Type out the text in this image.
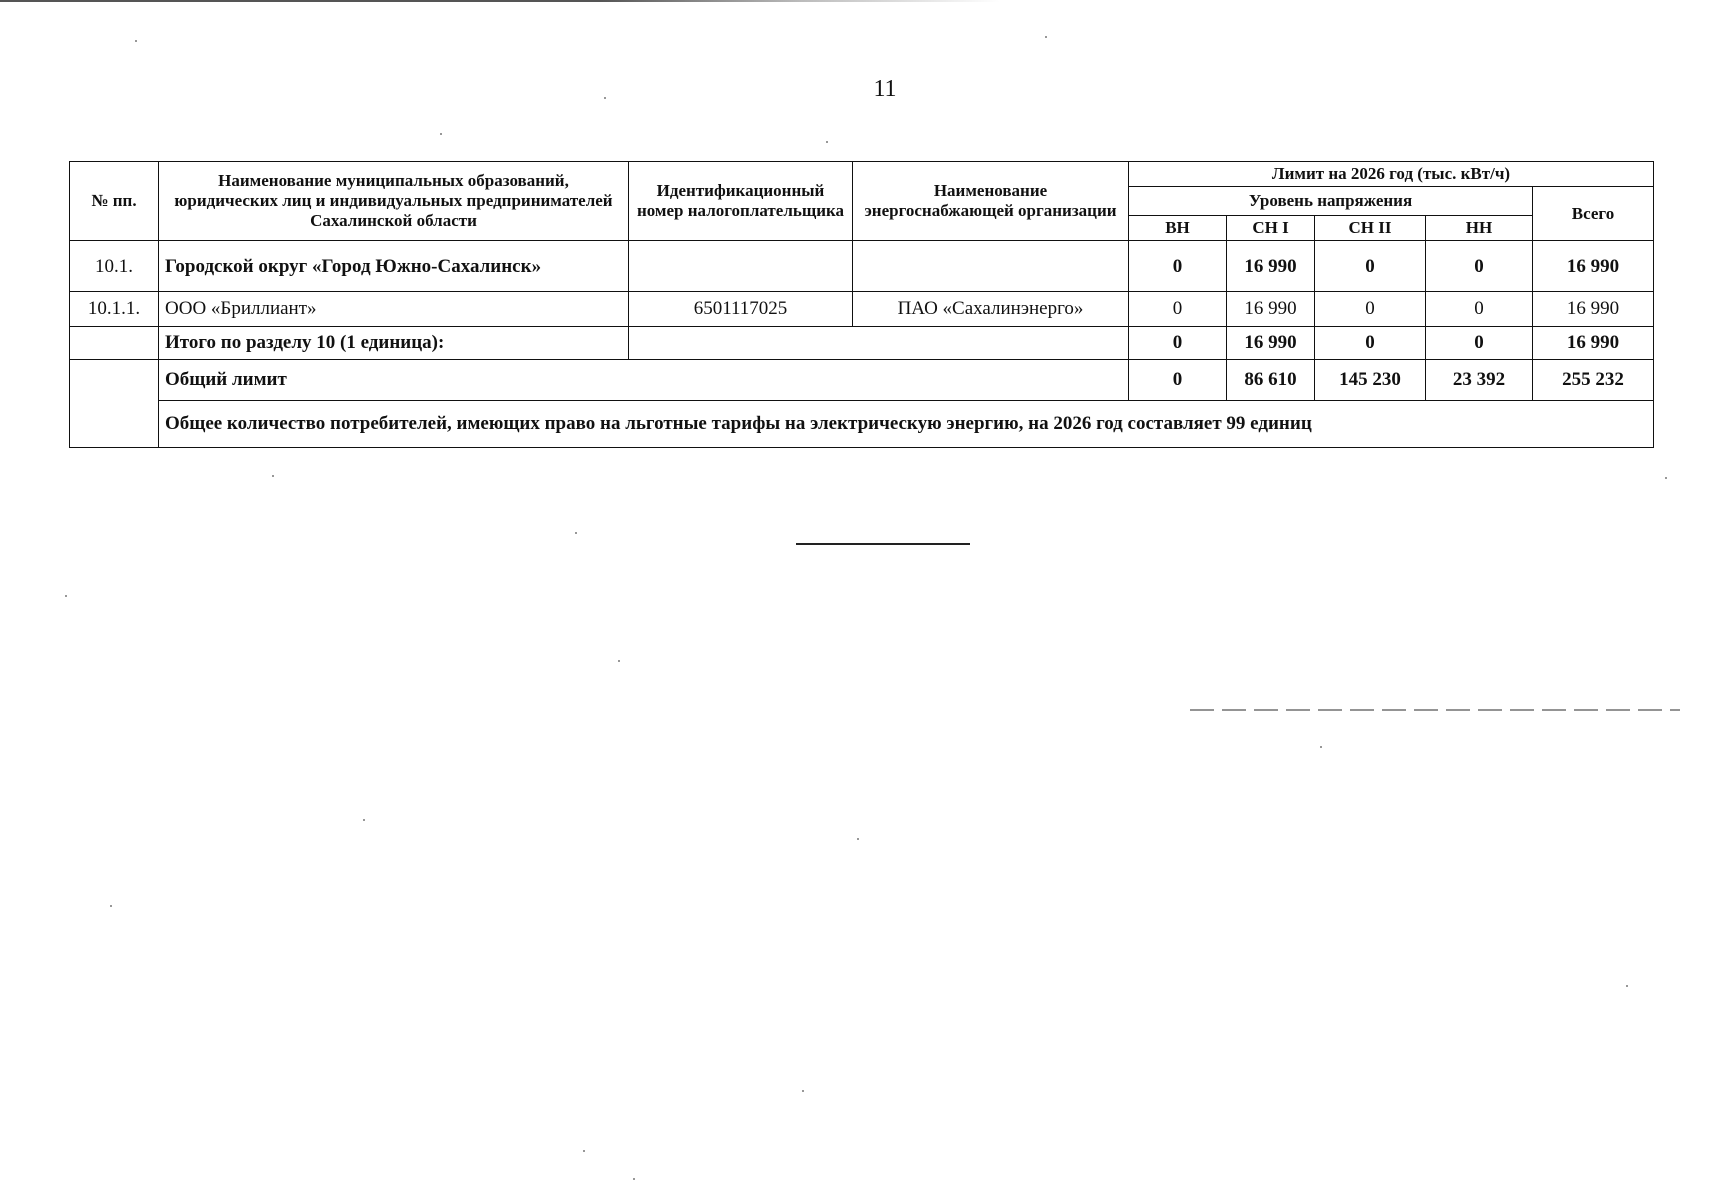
11
№ пп.	Наименование муниципальных образований, юридических лиц и индивидуальных предпринимателей Сахалинской области	Идентификационный номер налогоплательщика	Наименование энергоснабжающей организации	Лимит на 2026 год (тыс. кВт/ч)				
				Уровень напряжения				Всего
				ВН	СН I	СН II	НН	
10.1.	Городской округ «Город Южно-Сахалинск»			0	16 990	0	0	16 990
10.1.1.	ООО «Бриллиант»	6501117025	ПАО «Сахалинэнерго»	0	16 990	0	0	16 990
	Итого по разделу 10 (1 единица):			0	16 990	0	0	16 990
	Общий лимит			0	86 610	145 230	23 392	255 232
	Общее количество потребителей, имеющих право на льготные тарифы на электрическую энергию, на 2026 год составляет 99 единиц							
